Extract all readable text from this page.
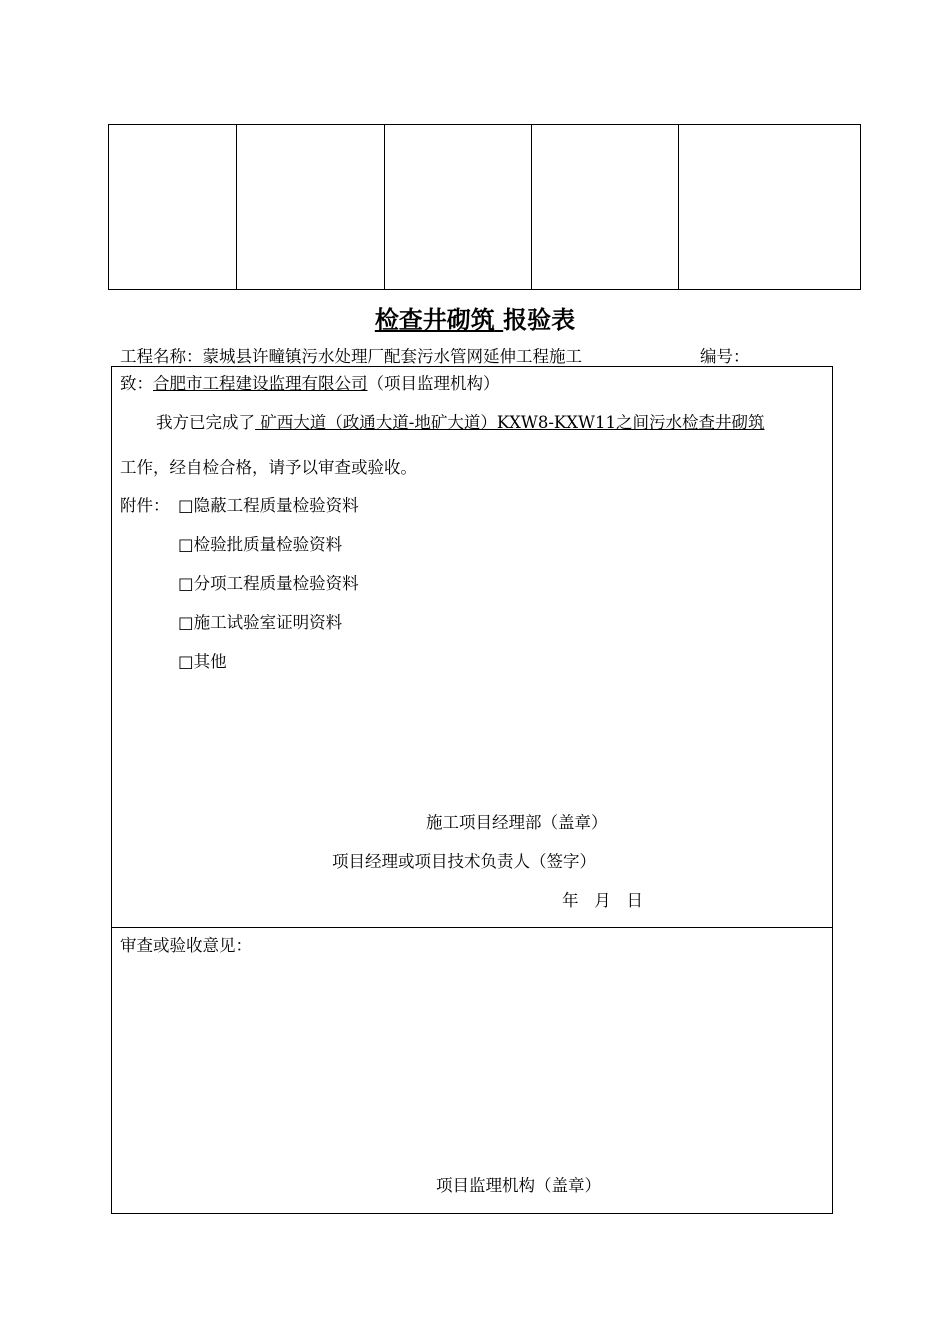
检查井砌筑 报验表
工程名称：蒙城县许疃镇污水处理厂配套污水管网延伸工程施工	编号：
致：合肥市工程建设监理有限公司（项目监理机构）
我方已完成了 矿西大道（政通大道-地矿大道）KXW8-KXW11之间污水检查井砌筑
工作，经自检合格，请予以审查或验收。
附件： □隐蔽工程质量检验资料
□检验批质量检验资料
□分项工程质量检验资料
□施工试验室证明资料
□其他
施工项目经理部（盖章）
项目经理或项目技术负责人（签字）
年   月   日
审查或验收意见：
项目监理机构（盖章）
